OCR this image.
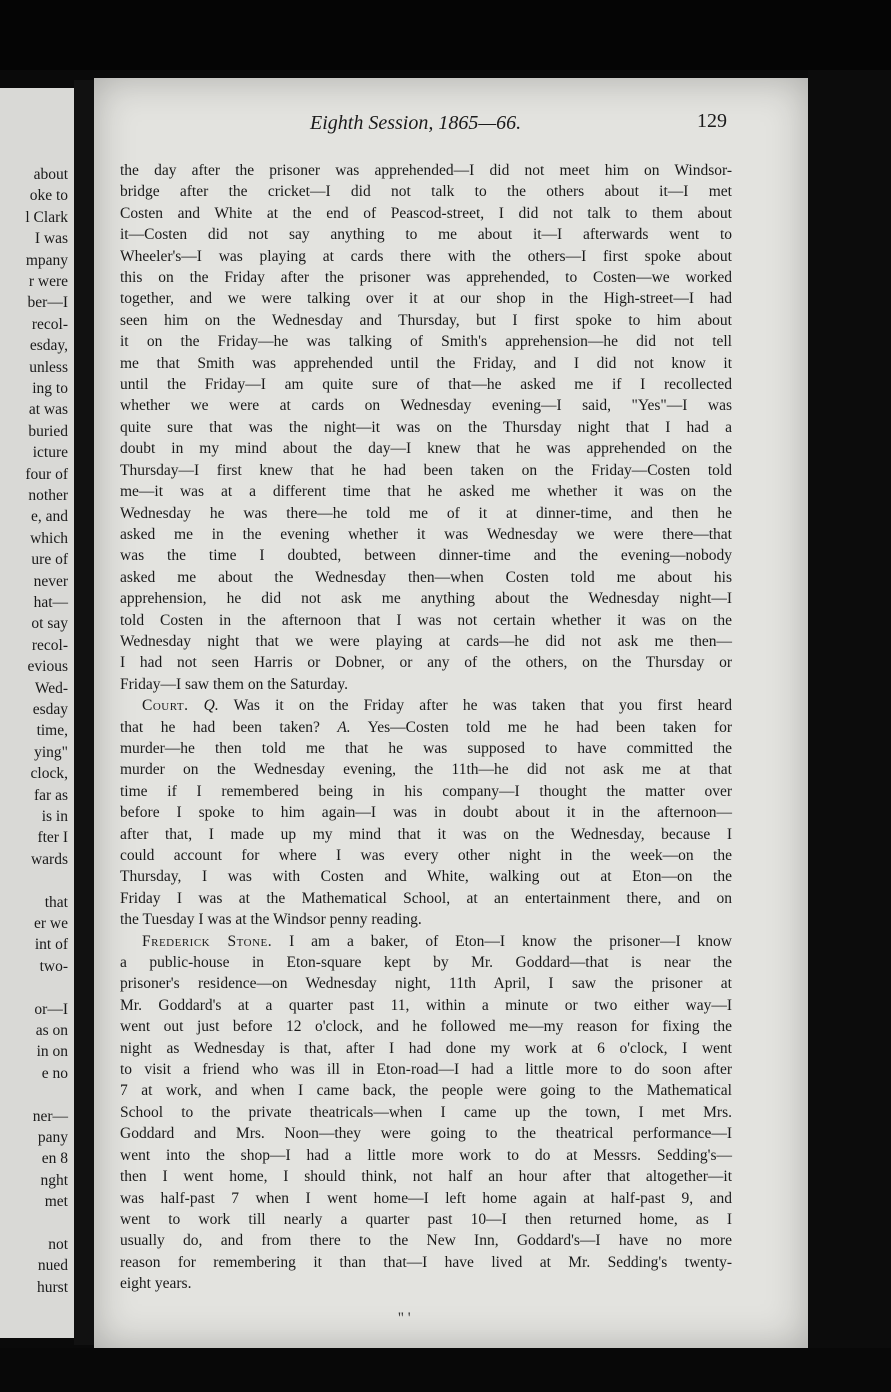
about
oke to
l Clark
I was
mpany
r were
ber—I
recol-
esday,
unless
ing to
at was
buried
icture
four of
nother
e, and
which
ure of
never
hat—
ot say
recol-
evious
Wed-
esday
time,
ying"
clock,
far as
is in
fter I
wards
that
er we
int of
two-
or—I
as on
in on
e no
ner—
pany
en 8
nght
met
not
nued
hurst
Eighth Session, 1865—66.	129
the day after the prisoner was apprehended—I did not meet him on Windsor-
bridge after the cricket—I did not talk to the others about it—I met
Costen and White at the end of Peascod-street, I did not talk to them about
it—Costen did not say anything to me about it—I afterwards went to
Wheeler's—I was playing at cards there with the others—I first spoke about
this on the Friday after the prisoner was apprehended, to Costen—we worked
together, and we were talking over it at our shop in the High-street—I had
seen him on the Wednesday and Thursday, but I first spoke to him about
it on the Friday—he was talking of Smith's apprehension—he did not tell
me that Smith was apprehended until the Friday, and I did not know it
until the Friday—I am quite sure of that—he asked me if I recollected
whether we were at cards on Wednesday evening—I said, "Yes"—I was
quite sure that was the night—it was on the Thursday night that I had a
doubt in my mind about the day—I knew that he was apprehended on the
Thursday—I first knew that he had been taken on the Friday—Costen told
me—it was at a different time that he asked me whether it was on the
Wednesday he was there—he told me of it at dinner-time, and then he
asked me in the evening whether it was Wednesday we were there—that
was the time I doubted, between dinner-time and the evening—nobody
asked me about the Wednesday then—when Costen told me about his
apprehension, he did not ask me anything about the Wednesday night—I
told Costen in the afternoon that I was not certain whether it was on the
Wednesday night that we were playing at cards—he did not ask me then—
I had not seen Harris or Dobner, or any of the others, on the Thursday or
Friday—I saw them on the Saturday.
Court. Q. Was it on the Friday after he was taken that you first heard
that he had been taken? A. Yes—Costen told me he had been taken for
murder—he then told me that he was supposed to have committed the
murder on the Wednesday evening, the 11th—he did not ask me at that
time if I remembered being in his company—I thought the matter over
before I spoke to him again—I was in doubt about it in the afternoon—
after that, I made up my mind that it was on the Wednesday, because I
could account for where I was every other night in the week—on the
Thursday, I was with Costen and White, walking out at Eton—on the
Friday I was at the Mathematical School, at an entertainment there, and on
the Tuesday I was at the Windsor penny reading.
Frederick Stone. I am a baker, of Eton—I know the prisoner—I know
a public-house in Eton-square kept by Mr. Goddard—that is near the
prisoner's residence—on Wednesday night, 11th April, I saw the prisoner at
Mr. Goddard's at a quarter past 11, within a minute or two either way—I
went out just before 12 o'clock, and he followed me—my reason for fixing the
night as Wednesday is that, after I had done my work at 6 o'clock, I went
to visit a friend who was ill in Eton-road—I had a little more to do soon after
7 at work, and when I came back, the people were going to the Mathematical
School to the private theatricals—when I came up the town, I met Mrs.
Goddard and Mrs. Noon—they were going to the theatrical performance—I
went into the shop—I had a little more work to do at Messrs. Sedding's—
then I went home, I should think, not half an hour after that altogether—it
was half-past 7 when I went home—I left home again at half-past 9, and
went to work till nearly a quarter past 10—I then returned home, as I
usually do, and from there to the New Inn, Goddard's—I have no more
reason for remembering it than that—I have lived at Mr. Sedding's twenty-
eight years.
'' '
